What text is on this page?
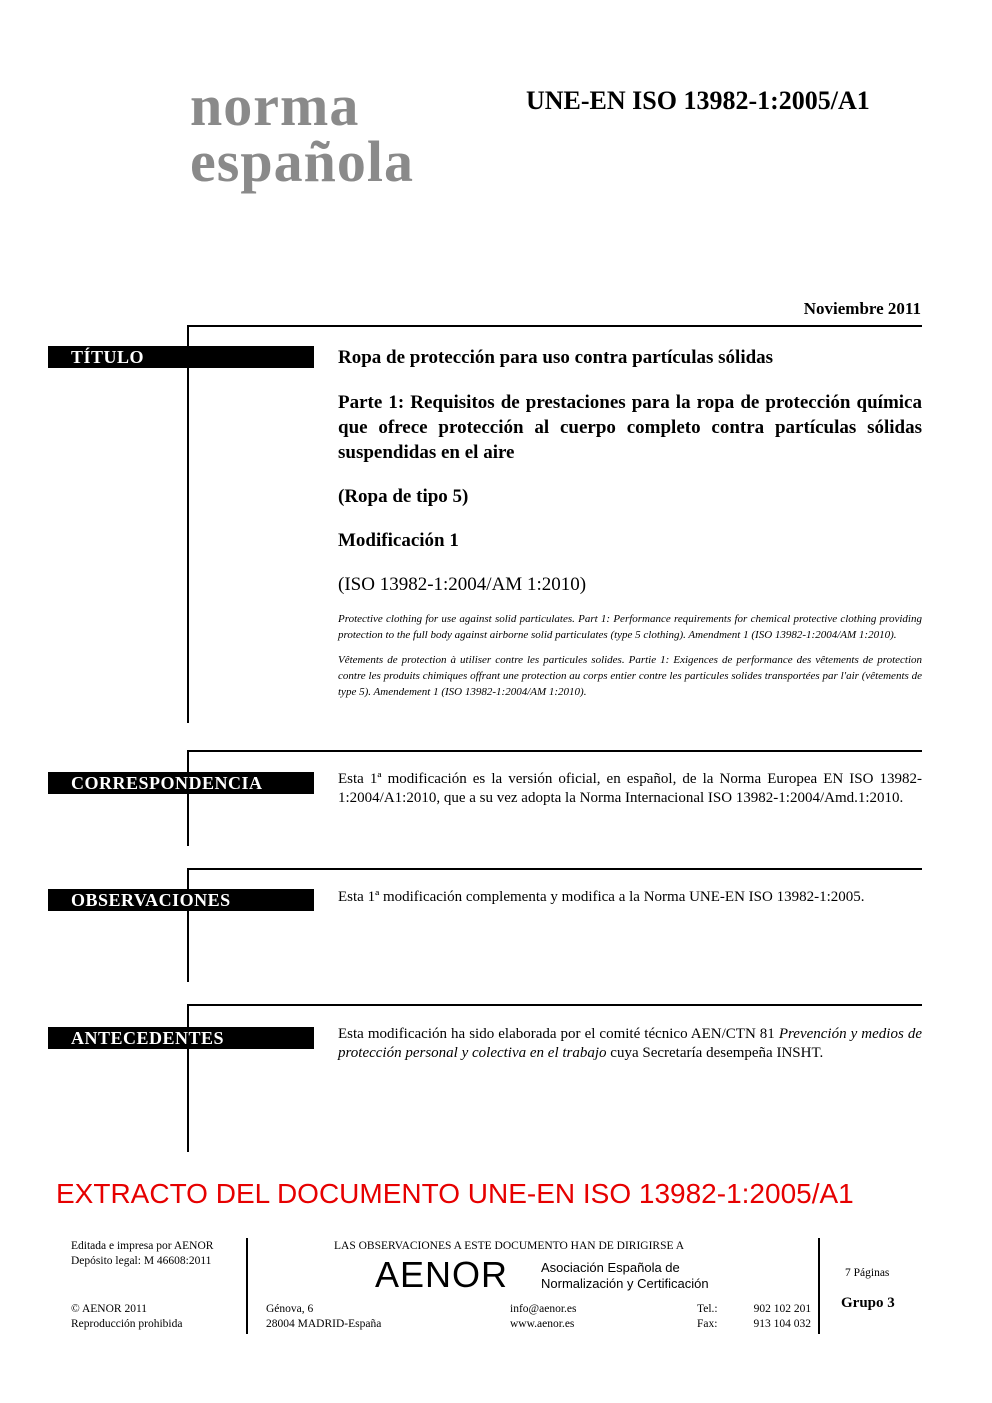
norma
española
UNE-EN ISO 13982-1:2005/A1
Noviembre 2011
TÍTULO	Ropa de protección para uso contra partículas sólidas

Parte 1: Requisitos de prestaciones para la ropa de protección química que ofrece protección al cuerpo completo contra partículas sólidas suspendidas en el aire

(Ropa de tipo 5)

Modificación 1

(ISO 13982-1:2004/AM 1:2010)

Protective clothing for use against solid particulates. Part 1: Performance requirements for chemical protective clothing providing protection to the full body against airborne solid particulates (type 5 clothing). Amendment 1 (ISO 13982-1:2004/AM 1:2010).

Vêtements de protection à utiliser contre les particules solides. Partie 1: Exigences de performance des vêtements de protection contre les produits chimiques offrant une protection au corps entier contre les particules solides transportées par l'air (vêtements de type 5). Amendement 1 (ISO 13982-1:2004/AM 1:2010).

CORRESPONDENCIA	Esta 1ª modificación es la versión oficial, en español, de la Norma Europea EN ISO 13982-1:2004/A1:2010, que a su vez adopta la Norma Internacional ISO 13982-1:2004/Amd.1:2010.

OBSERVACIONES	Esta 1ª modificación complementa y modifica a la Norma UNE-EN ISO 13982-1:2005.

ANTECEDENTES	Esta modificación ha sido elaborada por el comité técnico AEN/CTN 81 Prevención y medios de protección personal y colectiva en el trabajo cuya Secretaría desempeña INSHT.

EXTRACTO DEL DOCUMENTO UNE-EN ISO 13982-1:2005/A1
Editada e impresa por AENOR
Depósito legal: M 46608:2011
© AENOR 2011
Reproducción prohibida
LAS OBSERVACIONES A ESTE DOCUMENTO HAN DE DIRIGIRSE A
AENOR	Asociación Española de
Normalización y Certificación
Génova, 6
28004 MADRID-España
info@aenor.es
www.aenor.es
Tel.:	902 102 201
Fax:	913 104 032
7 Páginas
Grupo 3
